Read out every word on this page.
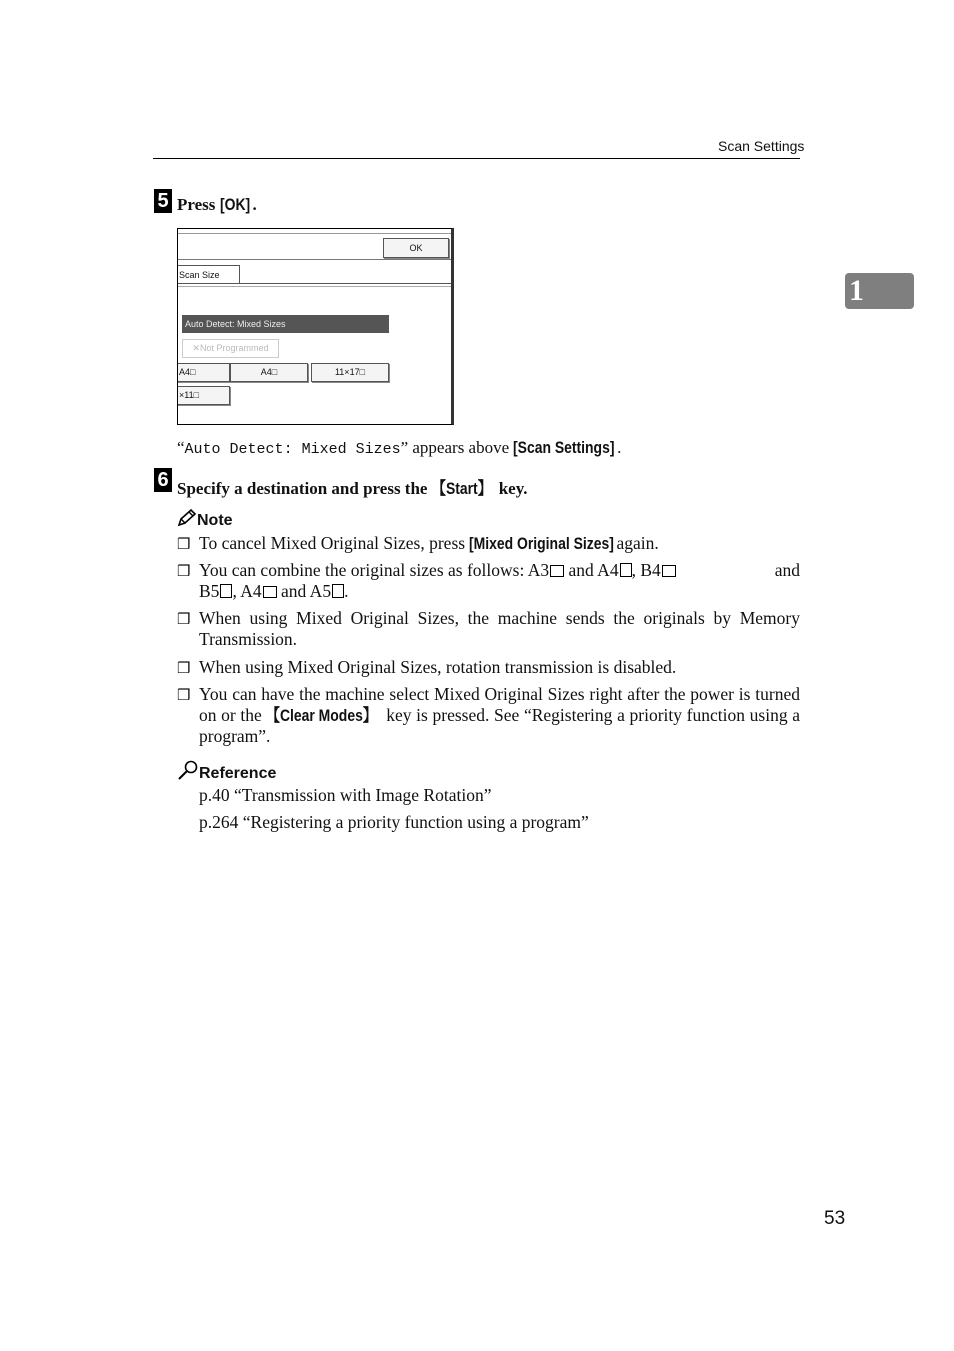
Scan Settings
1
5 Press [OK] .
OK
Scan Size
Auto Detect: Mixed Sizes
✕Not Programmed
A4□	A4□	11×17□
×11□
“Auto Detect: Mixed Sizes” appears above [Scan Settings] .
6 Specify a destination and press the 【Start】 key.
Note
❒ To cancel Mixed Original Sizes, press [Mixed Original Sizes] again.
❒ You can combine the original sizes as follows: A3 and A4 , B4	and
B5 , A4 and A5 .
❒ When using Mixed Original Sizes, the machine sends the originals by Memory Transmission.
❒ When using Mixed Original Sizes, rotation transmission is disabled.
❒ You can have the machine select Mixed Original Sizes right after the power is turned on or the 【Clear Modes】 key is pressed. See “Registering a priority function using a program”.
Reference
p.40 “Transmission with Image Rotation”
p.264 “Registering a priority function using a program”
53
